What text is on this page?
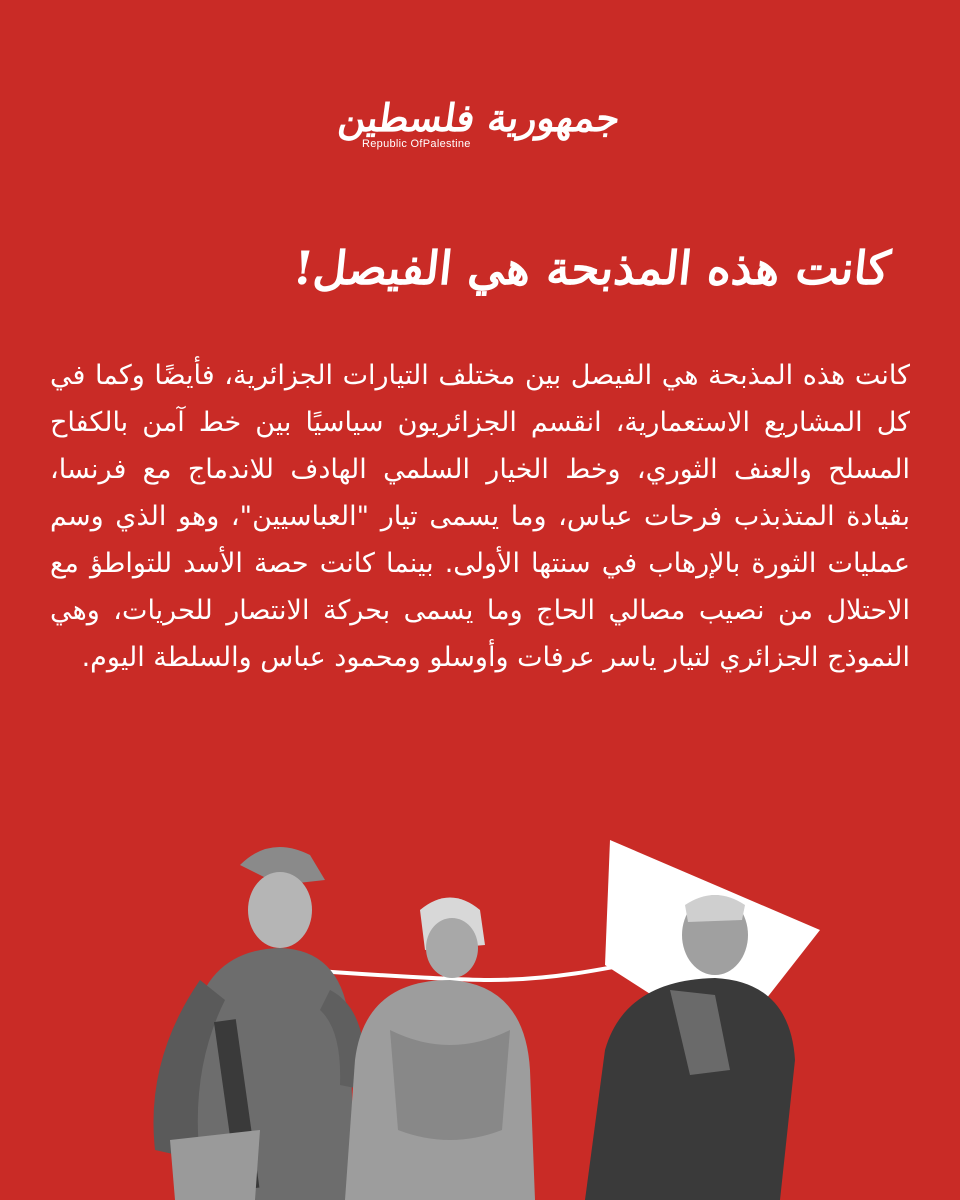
جمهورية فلسطين
Republic OfPalestine
كانت هذه المذبحة هي الفيصل!
كانت هذه المذبحة هي الفيصل بين مختلف التيارات الجزائرية، فأيضًا وكما في كل المشاريع الاستعمارية، انقسم الجزائريون سياسيًا بين خط آمن بالكفاح المسلح والعنف الثوري، وخط الخيار السلمي الهادف للاندماج مع فرنسا، بقيادة المتذبذب فرحات عباس، وما يسمى تيار "العباسيين"، وهو الذي وسم عمليات الثورة بالإرهاب في سنتها الأولى. بينما كانت حصة الأسد للتواطؤ مع الاحتلال من نصيب مصالي الحاج وما يسمى بحركة الانتصار للحريات، وهي النموذج الجزائري لتيار ياسر عرفات وأوسلو ومحمود عباس والسلطة اليوم.
